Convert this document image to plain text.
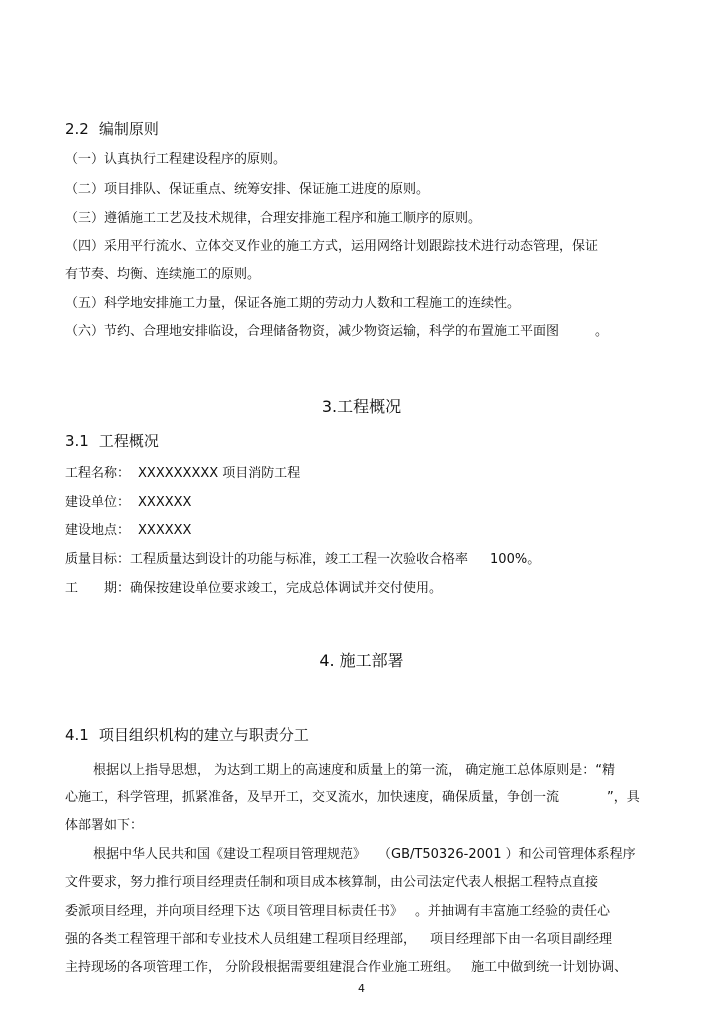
2.2 编制原则
（一）认真执行工程建设程序的原则。
（二）项目排队、保证重点、统筹安排、保证施工进度的原则。
（三）遵循施工工艺及技术规律，合理安排施工程序和施工顺序的原则。
（四）采用平行流水、立体交叉作业的施工方式，运用网络计划跟踪技术进行动态管理，保证
有节奏、均衡、连续施工的原则。
（五）科学地安排施工力量，保证各施工期的劳动力人数和工程施工的连续性。
（六）节约、合理地安排临设，合理储备物资，减少物资运输，科学的布置施工平面图	。
3.工程概况
3.1 工程概况
工程名称： XXXXXXXXX 项目消防工程
建设单位： XXXXXX
建设地点： XXXXXX
质量目标：工程质量达到设计的功能与标准，竣工工程一次验收合格率 100%。
工 期：确保按建设单位要求竣工，完成总体调试并交付使用。
4. 施工部署
4.1 项目组织机构的建立与职责分工
根据以上指导思想， 为达到工期上的高速度和质量上的第一流， 确定施工总体原则是：“精
心施工，科学管理，抓紧准备，及早开工，交叉流水，加快速度，确保质量，争创一流	”，具
体部署如下：
根据中华人民共和国《建设工程项目管理规范》 （GB/T50326-2001 ）和公司管理体系程序
文件要求，努力推行项目经理责任制和项目成本核算制，由公司法定代表人根据工程特点直接
委派项目经理，并向项目经理下达《项目管理目标责任书》 。并抽调有丰富施工经验的责任心
强的各类工程管理干部和专业技术人员组建工程项目经理部， 项目经理部下由一名项目副经理
主持现场的各项管理工作， 分阶段根据需要组建混合作业施工班组。 施工中做到统一计划协调、
4
